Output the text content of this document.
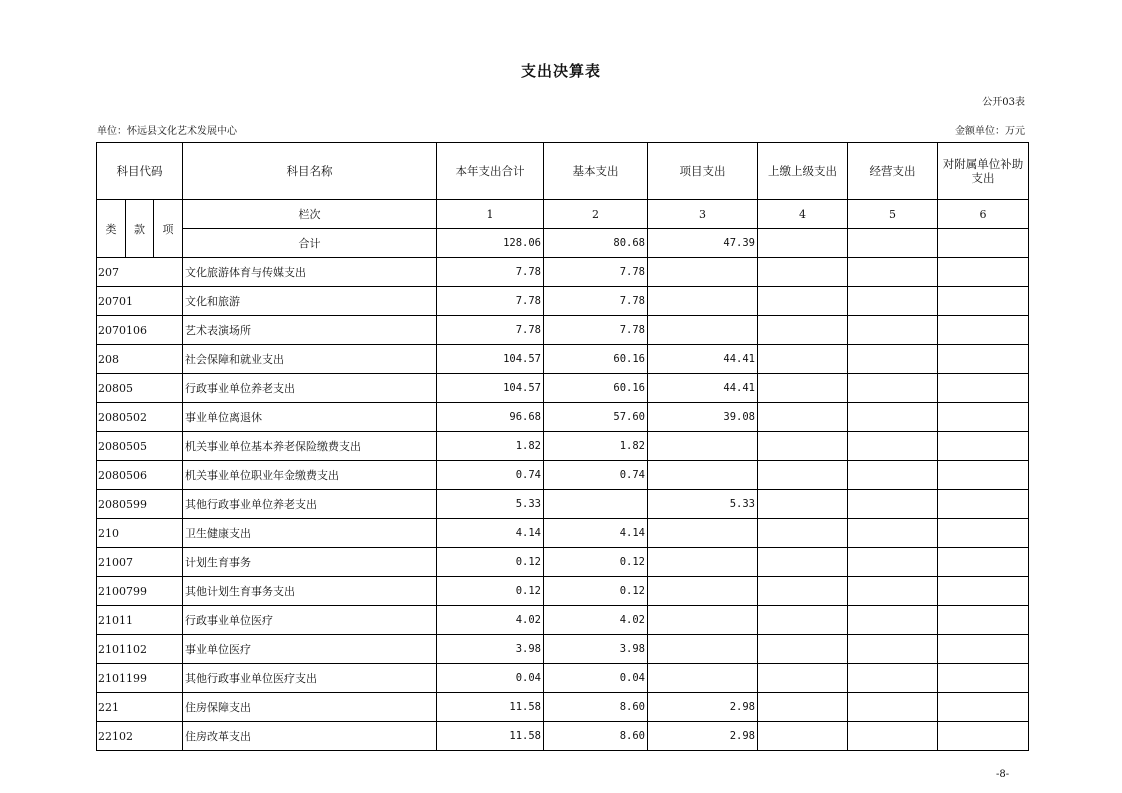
支出决算表
公开03表
单位：怀远县文化艺术发展中心	金额单位：万元
科目代码			科目名称	本年支出合计	基本支出	项目支出	上缴上级支出	经营支出	对附属单位补助支出
类	款	项	栏次	1	2	3	4	5	6
			合计	128.06	80.68	47.39			
207			文化旅游体育与传媒支出	7.78	7.78				
20701			文化和旅游	7.78	7.78				
2070106			艺术表演场所	7.78	7.78				
208			社会保障和就业支出	104.57	60.16	44.41			
20805			行政事业单位养老支出	104.57	60.16	44.41			
2080502			事业单位离退休	96.68	57.60	39.08			
2080505			机关事业单位基本养老保险缴费支出	1.82	1.82				
2080506			机关事业单位职业年金缴费支出	0.74	0.74				
2080599			其他行政事业单位养老支出	5.33		5.33			
210			卫生健康支出	4.14	4.14				
21007			计划生育事务	0.12	0.12				
2100799			其他计划生育事务支出	0.12	0.12				
21011			行政事业单位医疗	4.02	4.02				
2101102			事业单位医疗	3.98	3.98				
2101199			其他行政事业单位医疗支出	0.04	0.04				
221			住房保障支出	11.58	8.60	2.98			
22102			住房改革支出	11.58	8.60	2.98			
-8-
